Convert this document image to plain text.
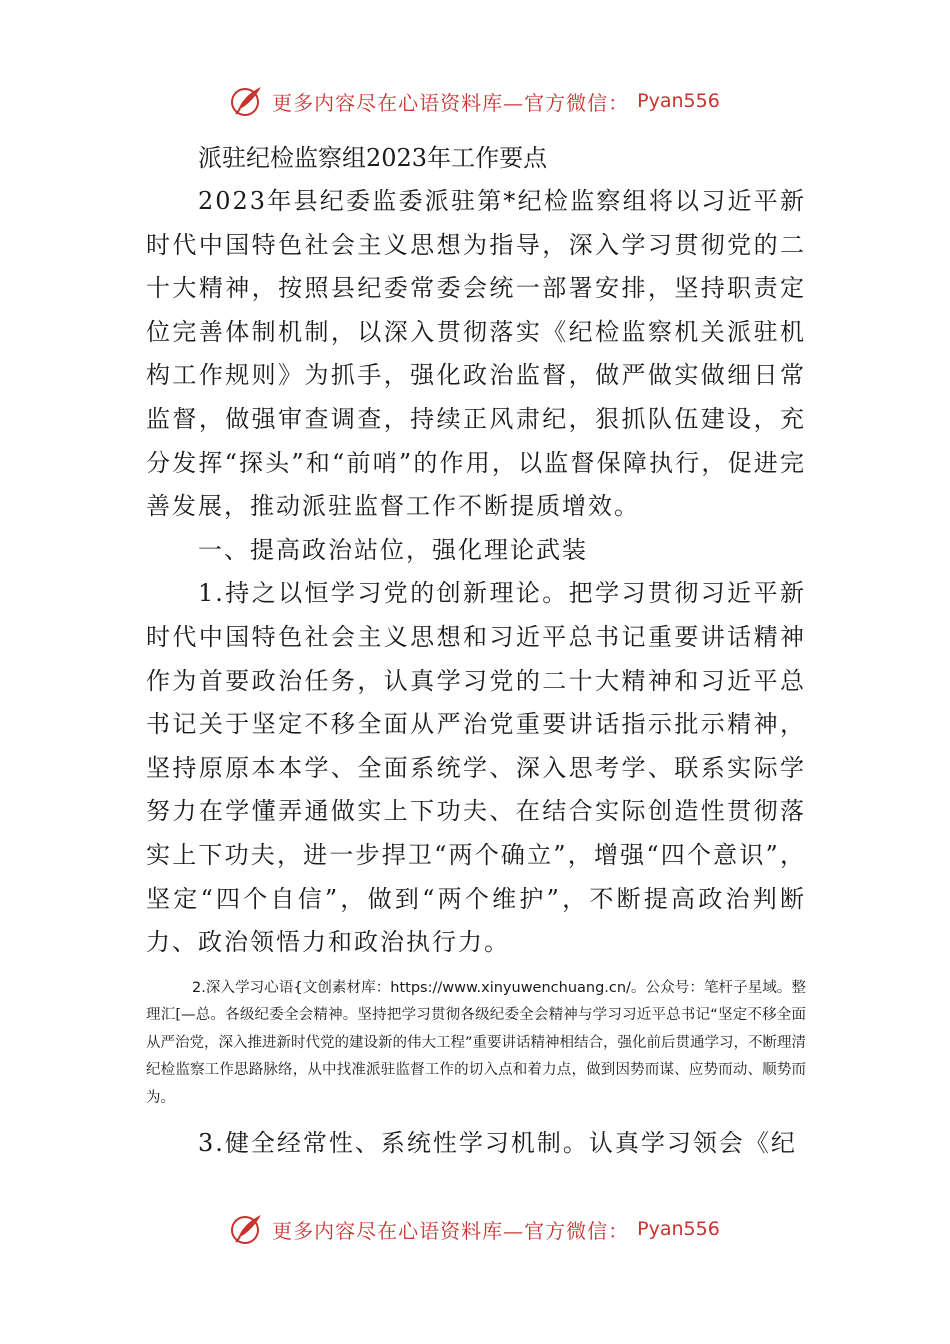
更多内容尽在心语资料库—官方微信： Pyan556
派驻纪检监察组2023年工作要点

2023年县纪委监委派驻第*纪检监察组将以习近平新时代中国特色社会主义思想为指导，深入学习贯彻党的二十大精神，按照县纪委常委会统一部署安排，坚持职责定位完善体制机制，以深入贯彻落实《纪检监察机关派驻机构工作规则》为抓手，强化政治监督，做严做实做细日常监督，做强审查调查，持续正风肃纪，狠抓队伍建设，充分发挥“探头”和“前哨”的作用，以监督保障执行，促进完善发展，推动派驻监督工作不断提质增效。

一、提高政治站位，强化理论武装

1.持之以恒学习党的创新理论。把学习贯彻习近平新时代中国特色社会主义思想和习近平总书记重要讲话精神作为首要政治任务，认真学习党的二十大精神和习近平总书记关于坚定不移全面从严治党重要讲话指示批示精神，坚持原原本本学、全面系统学、深入思考学、联系实际学努力在学懂弄通做实上下功夫、在结合实际创造性贯彻落实上下功夫，进一步捍卫“两个确立”，增强“四个意识”，坚定“四个自信”，做到“两个维护”，不断提高政治判断力、政治领悟力和政治执行力。

2.深入学习心语{文创素材库：https://www.xinyuwenchuang.cn/。公众号：笔杆子星域。整理汇[—总。各级纪委全会精神。坚持把学习贯彻各级纪委全会精神与学习习近平总书记“坚定不移全面从严治党，深入推进新时代党的建设新的伟大工程”重要讲话精神相结合，强化前后贯通学习，不断理清纪检监察工作思路脉络，从中找准派驻监督工作的切入点和着力点，做到因势而谋、应势而动、顺势而为。

3.健全经常性、系统性学习机制。认真学习领会《纪

更多内容尽在心语资料库—官方微信： Pyan556
